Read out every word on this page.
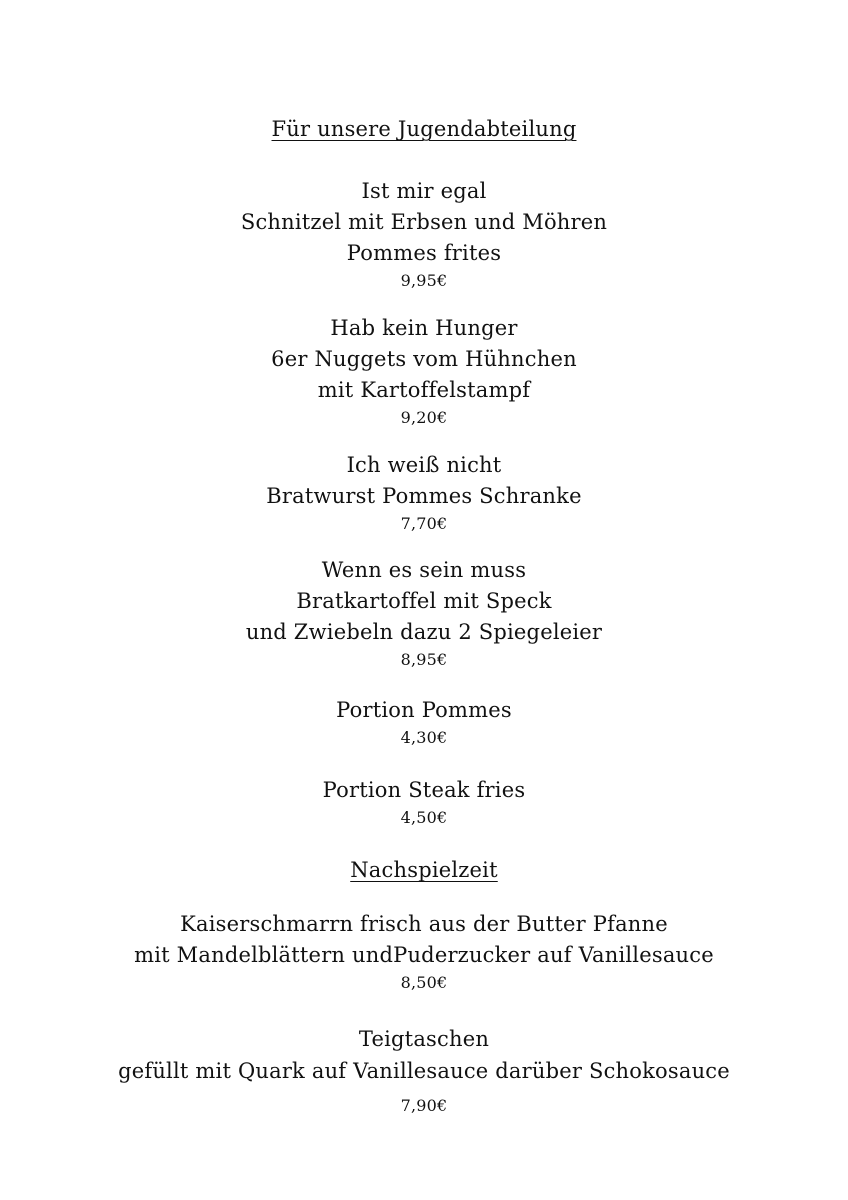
Für unsere Jugendabteilung
Ist mir egal
Schnitzel mit Erbsen und Möhren
Pommes frites
9,95€
Hab kein Hunger
6er Nuggets vom Hühnchen
mit Kartoffelstampf
9,20€
Ich weiß nicht
Bratwurst Pommes Schranke
7,70€
Wenn es sein muss
Bratkartoffel mit Speck
und Zwiebeln dazu 2 Spiegeleier
8,95€
Portion Pommes
4,30€
Portion Steak fries
4,50€
Nachspielzeit
Kaiserschmarrn frisch aus der Butter Pfanne
mit Mandelblättern undPuderzucker auf Vanillesauce
8,50€
Teigtaschen
gefüllt mit Quark auf Vanillesauce darüber Schokosauce
7,90€
